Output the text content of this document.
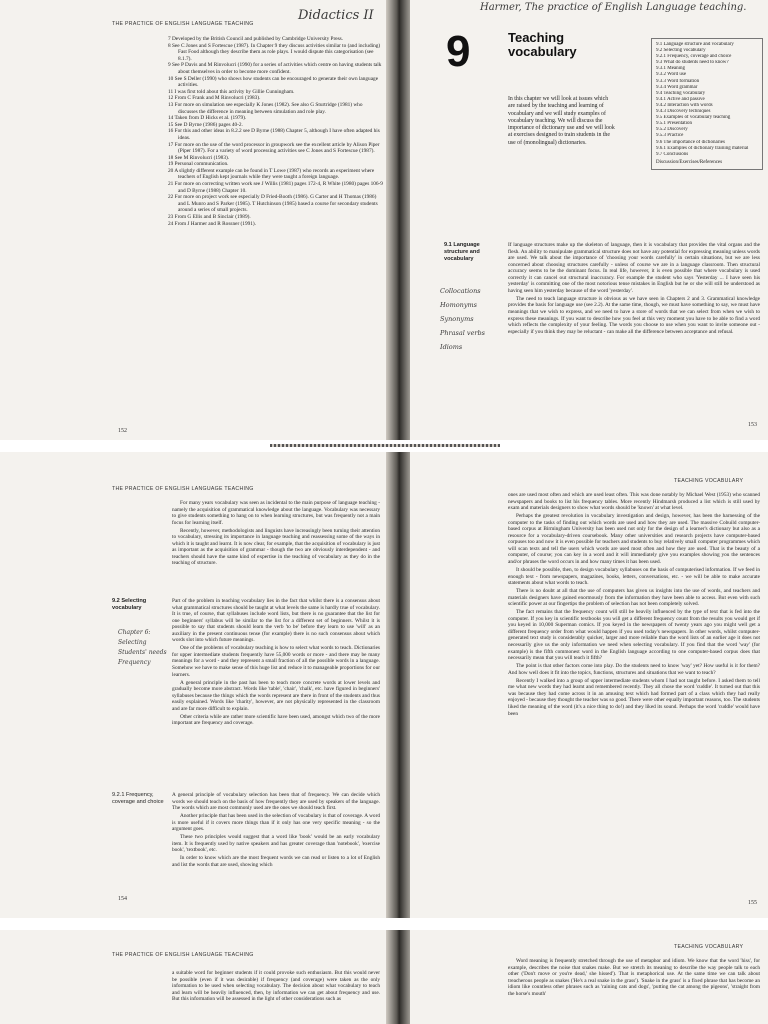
THE PRACTICE OF ENGLISH LANGUAGE TEACHING
Didactics II
7 Developed by the British Council and published by Cambridge University Press.
8 See C Jones and S Fortescue (1987). In Chapter 9 they discuss activities similar to (and including) Fast Food although they describe them as role plays. I would dispute this categorisation (see 8.1.7).
9 See P Davis and M Rinvolucri (1990) for a series of activities which centre on having students talk about themselves in order to become more confident.
10 See S Deller (1990) who shows how students can be encouraged to generate their own language activities.
11 I was first told about this activity by Gillie Cunningham.
12 From C Frank and M Rinvolucri (1983).
13 For more on simulation see especially K Jones (1982). See also G Sturtridge (1981) who discusses the difference in meaning between simulation and role play.
14 Taken from D Hicks et al. (1979).
15 See D Byrne (1986) pages 40-2.
16 For this and other ideas in 8.2.2 see D Byrne (1988) Chapter 5, although I have often adapted his ideas.
17 For more on the use of the word processor in groupwork see the excellent article by Alison Piper (Piper 1987). For a variety of word processing activities see C Jones and S Fortescue (1987).
18 See M Rinvolucri (1983).
19 Personal communication.
20 A slightly different example can be found in T Lowe (1987) who records an experiment where teachers of English kept journals while they were taught a foreign language.
21 For more on correcting written work see J Willis (1981) pages 172-4, R White (1980) pages 106-9 and D Byrne (1988) Chapter 10.
22 For more on project work see especially D Fried-Booth (1986). G Carter and H Thomas (1986) and L Munro and S Parker (1985). T Hutchinson (1985) based a course for secondary students around a series of small projects.
23 From G Ellis and B Sinclair (1989).
24 From J Harmer and R Rossner (1991).
152
Harmer, The practice of English Language teaching.
9	Teaching vocabulary

In this chapter we will look at issues which are raised by the teaching and learning of vocabulary and we will study examples of vocabulary teaching. We will discuss the importance of dictionary use and we will look at exercises designed to train students in the use of (monolingual) dictionaries.

9.1 Language structure and vocabulary
9.2 Selecting vocabulary
9.2.1 Frequency, coverage and choice
9.3 What do students need to know?
9.3.1 Meaning
9.3.2 Word use
9.3.3 Word formation
9.3.4 Word grammar
9.4 Teaching vocabulary
9.4.1 Active and passive
9.4.2 Interaction with words
9.4.3 Discovery techniques
9.5 Examples of vocabulary teaching
9.5.1 Presentation
9.5.2 Discovery
9.5.3 Practice
9.6 The importance of dictionaries
9.6.1 Examples of dictionary training material
9.7 Conclusions
Discussion/Exercises/References
9.1 Language structure and vocabulary
Collocations
Homonyms
Synonyms
Phrasal verbs
Idioms

If language structures make up the skeleton of language, then it is vocabulary that provides the vital organs and the flesh. An ability to manipulate grammatical structure does not have any potential for expressing meaning unless words are used. We talk about the importance of 'choosing your words carefully' in certain situations, but we are less concerned about choosing structures carefully - unless of course we are in a language classroom. Then structural accuracy seems to be the dominant focus. In real life, however, it is even possible that where vocabulary is used correctly it can cancel out structural inaccuracy. For example the student who says 'Yesterday ... I have seen his yesterday' is committing one of the most notorious tense mistakes in English but he or she will still be understood as having seen him yesterday because of the word 'yesterday'.

The need to teach language structure is obvious as we have seen in Chapters 2 and 3. Grammatical knowledge provides the basis for language use (see 2.2). At the same time, though, we must have something to say, we must have meanings that we wish to express, and we need to have a store of words that we can select from when we wish to express these meanings. If you want to describe how you feel at this very moment you have to be able to find a word which reflects the complexity of your feeling. The words you choose to use when you want to invite someone out - especially if you think they may be reluctant - can make all the difference between acceptance and refusal.

153
THE PRACTICE OF ENGLISH LANGUAGE TEACHING

For many years vocabulary was seen as incidental to the main purpose of language teaching - namely the acquisition of grammatical knowledge about the language. Vocabulary was necessary to give students something to hang on to when learning structures, but was frequently not a main focus for learning itself.

Recently, however, methodologists and linguists have increasingly been turning their attention to vocabulary, stressing its importance in language teaching and reassessing some of the ways in which it is taught and learnt. It is now clear, for example, that the acquisition of vocabulary is just as important as the acquisition of grammar - though the two are obviously interdependent - and teachers should have the same kind of expertise in the teaching of vocabulary as they do in the teaching of structure.

9.2 Selecting vocabulary
Chapter 6: Selecting
Students' needs
Frequency

Part of the problem in teaching vocabulary lies in the fact that whilst there is a consensus about what grammatical structures should be taught at what levels the same is hardly true of vocabulary. It is true, of course, that syllabuses include word lists, but there is no guarantee that the list for one beginners' syllabus will be similar to the list for a different set of beginners. Whilst it is possible to say that students should learn the verb 'to be' before they learn to use 'will' as an auxiliary in the present continuous tense (for example) there is no such consensus about which words slot into which future meanings.

One of the problems of vocabulary teaching is how to select what words to teach. Dictionaries for upper intermediate students frequently have 55,000 words or more - and there may be many meanings for a word - and they represent a small fraction of all the possible words in a language. Somehow we have to make sense of this huge list and reduce it to manageable proportions for our learners.

A general principle in the past has been to teach more concrete words at lower levels and gradually become more abstract. Words like 'table', 'chair', 'chalk', etc. have figured in beginners' syllabuses because the things which the words represent are there in front of the students and thus easily explained. Words like 'charity', however, are not physically represented in the classroom and are far more difficult to explain.

Other criteria while are rather more scientific have been used, amongst which two of the more important are frequency and coverage.

9.2.1 Frequency, coverage and choice

A general principle of vocabulary selection has been that of frequency. We can decide which words we should teach on the basis of how frequently they are used by speakers of the language. The words which are most commonly used are the ones we should teach first.

Another principle that has been used in the selection of vocabulary is that of coverage. A word is more useful if it covers more things than if it only has one very specific meaning - so the argument goes.

These two principles would suggest that a word like 'book' would be an early vocabulary item. It is frequently used by native speakers and has greater coverage than 'notebook', 'exercise book', 'textbook', etc.

In order to know which are the most frequent words we can read or listen to a lot of English and list the words that are used, showing which

154
TEACHING VOCABULARY

ones are used most often and which are used least often. This was done notably by Michael West (1953) who scanned newspapers and books to list his frequency tables. More recently Hindmarsh produced a list which is still used by exam and materials designers to show what words should be 'known' at what level.

Perhaps the greatest revolution in vocabulary investigation and design, however, has been the harnessing of the computer to the tasks of finding out which words are used and how they are used. The massive Cobuild computer-based corpus at Birmingham University has been used not only for the design of a learner's dictionary but also as a resource for a vocabulary-driven coursebook. Many other universities and research projects have computer-based corpuses too and now it is even possible for teachers and students to buy relatively small computer programmes which will scan texts and tell the users which words are used most often and how they are used. That is the beauty of a computer, of course; you can key in a word and it will immediately give you examples showing you the sentences and/or phrases the word occurs in and how many times it has been used.

It should be possible, then, to design vocabulary syllabuses on the basis of computerised information. If we feed in enough text - from newspapers, magazines, books, letters, conversations, etc. - we will be able to make accurate statements about what words to teach.

There is no doubt at all that the use of computers has given us insights into the use of words, and teachers and materials designers have gained enormously from the information they have been able to access. But even with such scientific power at our fingertips the problem of selection has not been completely solved.

The fact remains that the frequency count will still be heavily influenced by the type of text that is fed into the computer. If you key in scientific textbooks you will get a different frequency count from the results you would get if you keyed in 10,000 Superman comics. If you keyed in the newspapers of twenty years ago you might well get a different frequency order from what would happen if you used today's newspapers. In other words, whilst computer-generated text study is considerably quicker, larger and more reliable than the word lists of an earlier age it does not necessarily give us the only information we need when selecting vocabulary. If you find that the word 'way' (for example) is the fifth commonest word in the English language according to one computer-based corpus does that necessarily mean that you will teach it fifth?

The point is that other factors come into play. Do the students need to know 'way' yet? How useful is it for them? And how well does it fit into the topics, functions, structures and situations that we want to teach?

Recently I walked into a group of upper intermediate students whom I had not taught before. I asked them to tell me what new words they had learnt and remembered recently. They all chose the word 'cuddle'. It turned out that this was because they had come across it in an amusing text which had formed part of a class which they had really enjoyed - because they thought the teacher was so good. There were other equally important reasons, too. The students liked the meaning of the word (it's a nice thing to do!) and they liked its sound. Perhaps the word 'cuddle' would have been

155
THE PRACTICE OF ENGLISH LANGUAGE TEACHING

a suitable word for beginner students if it could provoke such enthusiasm. But this would never be possible (even if it was desirable) if frequency (and coverage) were taken as the only information to be used when selecting vocabulary. The decision about what vocabulary to teach and learn will be heavily influenced, then, by information we can get about frequency and use. But this information will be assessed in the light of other considerations such as

TEACHING VOCABULARY

Word meaning is frequently stretched through the use of metaphor and idiom. We know that the word 'hiss', for example, describes the noise that snakes make. But we stretch its meaning to describe the way people talk to each other ('Don't move or you're dead,' she hissed'). That is metaphorical use. At the same time we can talk about treacherous people as snakes ('He's a real snake in the grass'). 'Snake in the grass' is a fixed phrase that has become an idiom like countless other phrases such as 'raining cats and dogs', 'putting the cat among the pigeons', 'straight from the horse's mouth'
